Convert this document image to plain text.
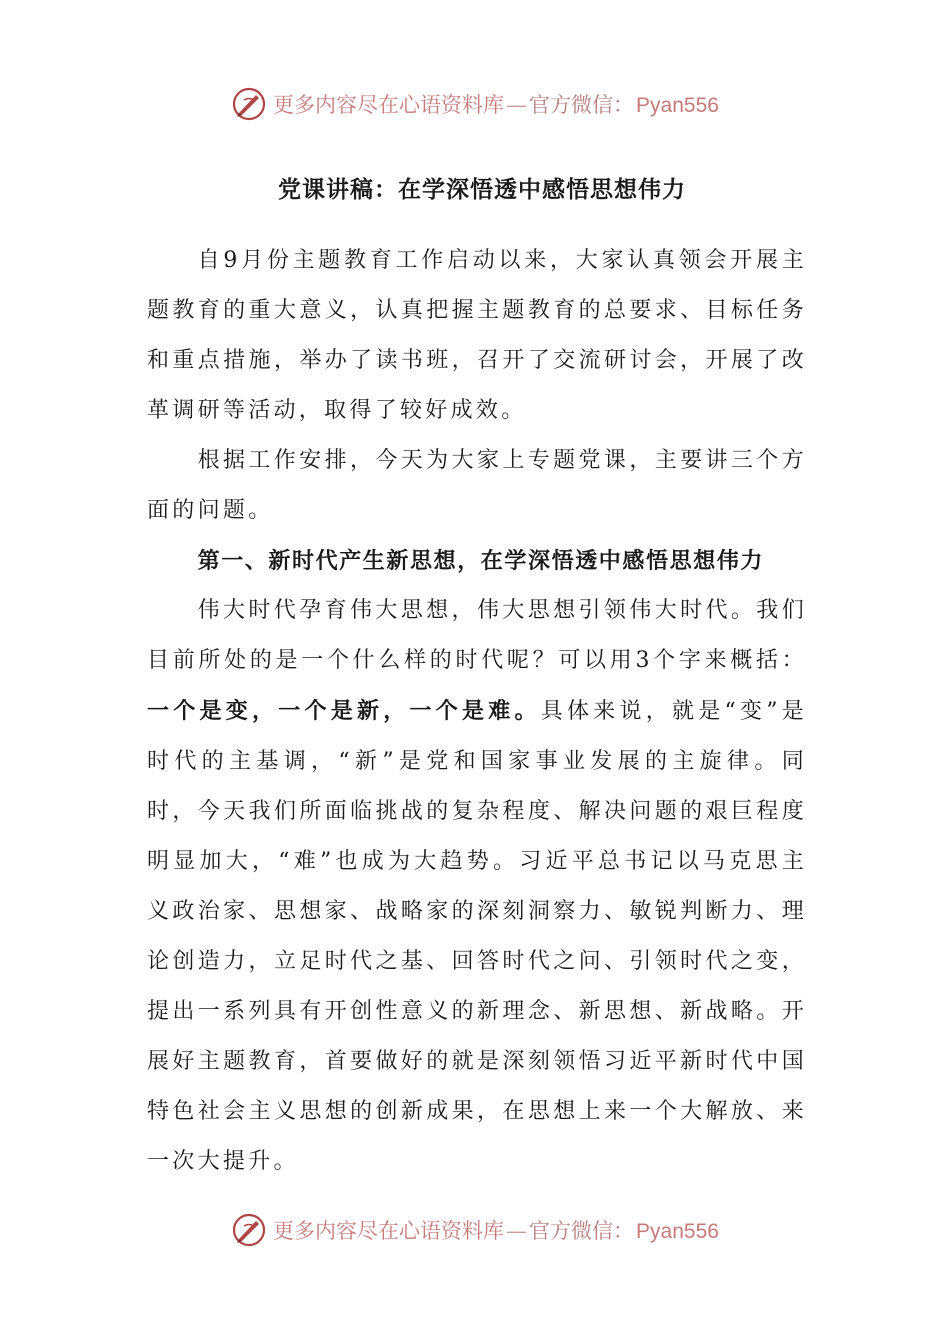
更多内容尽在心语资料库 — 官方微信： Pyan556
党课讲稿：在学深悟透中感悟思想伟力

自9月份主题教育工作启动以来，大家认真领会开展主题教育的重大意义，认真把握主题教育的总要求、目标任务和重点措施，举办了读书班，召开了交流研讨会，开展了改革调研等活动，取得了较好成效。

根据工作安排，今天为大家上专题党课，主要讲三个方面的问题。

第一、新时代产生新思想，在学深悟透中感悟思想伟力

伟大时代孕育伟大思想，伟大思想引领伟大时代。我们目前所处的是一个什么样的时代呢？可以用3个字来概括：一个是变，一个是新，一个是难。具体来说，就是“变”是时代的主基调，“新”是党和国家事业发展的主旋律。同时，今天我们所面临挑战的复杂程度、解决问题的艰巨程度明显加大，“难”也成为大趋势。习近平总书记以马克思主义政治家、思想家、战略家的深刻洞察力、敏锐判断力、理论创造力，立足时代之基、回答时代之问、引领时代之变，提出一系列具有开创性意义的新理念、新思想、新战略。开展好主题教育，首要做好的就是深刻领悟习近平新时代中国特色社会主义思想的创新成果，在思想上来一个大解放、来一次大提升。

更多内容尽在心语资料库 — 官方微信： Pyan556
